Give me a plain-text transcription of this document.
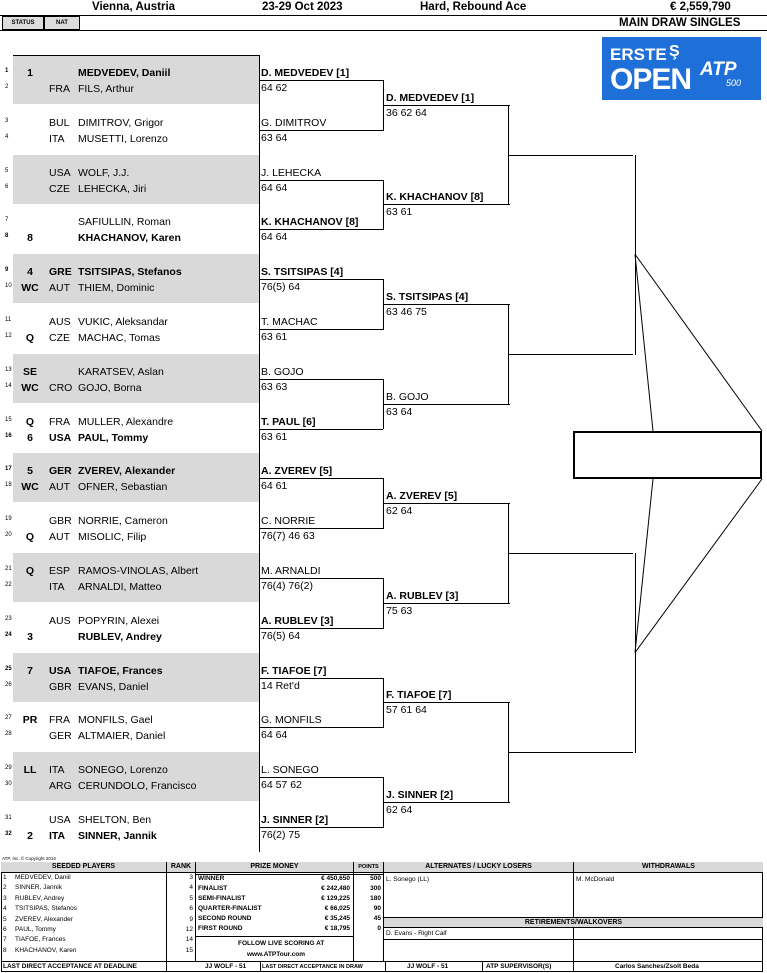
Vienna, Austria	23-29 Oct 2023	Hard, Rebound Ace	€ 2,559,790
STATUS	NAT	MAIN DRAW SINGLES
ERSTE Ş
OPEN ATP
500
1	1	MEDVEDEV, Daniil
2	FRA FILS, Arthur
3	BUL DIMITROV, Grigor
4	ITA MUSETTI, Lorenzo
5	USA WOLF, J.J.
6	CZE LEHECKA, Jiri
7	SAFIULLIN, Roman
8	8	KHACHANOV, Karen
9	4	GRE TSITSIPAS, Stefanos
10 WC AUT THIEM, Dominic
11	AUS VUKIC, Aleksandar
12	Q	CZE MACHAC, Tomas
13	SE	KARATSEV, Aslan
14 WC CRO GOJO, Borna
15	Q	FRA MULLER, Alexandre
16	6	USA PAUL, Tommy
17	5	GER ZVEREV, Alexander
18 WC AUT OFNER, Sebastian
19	GBR NORRIE, Cameron
20	Q	AUT MISOLIC, Filip
21	Q	ESP RAMOS-VINOLAS, Albert
22	ITA ARNALDI, Matteo
23	AUS POPYRIN, Alexei
24	3	RUBLEV, Andrey
25	7	USA TIAFOE, Frances
26	GBR EVANS, Daniel
27	PR	FRA MONFILS, Gael
28	GER ALTMAIER, Daniel
29	LL	ITA SONEGO, Lorenzo
30	ARG CERUNDOLO, Francisco
31	USA SHELTON, Ben
32	2	ITA SINNER, Jannik
D. MEDVEDEV [1]
64 62
G. DIMITROV
63 64
J. LEHECKA
64 64
K. KHACHANOV [8]
64 64
S. TSITSIPAS [4]
76(5) 64
T. MACHAC
63 61
B. GOJO
63 63
T. PAUL [6]
63 61
A. ZVEREV [5]
64 61
C. NORRIE
76(7) 46 63
M. ARNALDI
76(4) 76(2)
A. RUBLEV [3]
76(5) 64
F. TIAFOE [7]
14 Ret'd
G. MONFILS
64 64
L. SONEGO
64 57 62
J. SINNER [2]
76(2) 75
D. MEDVEDEV [1]
36 62 64
K. KHACHANOV [8]
63 61
S. TSITSIPAS [4]
63 46 75
B. GOJO
63 64
A. ZVEREV [5]
62 64
A. RUBLEV [3]
75 63
F. TIAFOE [7]
57 61 64
J. SINNER [2]
62 64
ATP, Inc. © Copyright 2014
SEEDED PLAYERS	RANK	PRIZE MONEY	POINTS	ALTERNATES / LUCKY LOSERS	WITHDRAWALS
1 MEDVEDEV, Daniil	3
2 SINNER, Jannik	4
3 RUBLEV, Andrey	5
4 TSITSIPAS, Stefanos	6
5 ZVEREV, Alexander	9
6 PAUL, Tommy	12
7 TIAFOE, Frances	14
8 KHACHANOV, Karen	15
WINNER	€ 450,650	500
FINALIST	€ 242,480	300
SEMI-FINALIST	€ 129,225	180
QUARTER-FINALIST	€ 66,025	90
SECOND ROUND	€ 35,245	45
FIRST ROUND	€ 18,795	0
FOLLOW LIVE SCORING AT
www.ATPTour.com
L. Sonego (LL)	M. McDonald
RETIREMENTS/WALKOVERS
D. Evans - Right Calf
LAST DIRECT ACCEPTANCE AT DEADLINE	JJ WOLF - 51	LAST DIRECT ACCEPTANCE IN DRAW	JJ WOLF - 51	ATP SUPERVISOR(S)	Carlos Sanches/Zsolt Beda
